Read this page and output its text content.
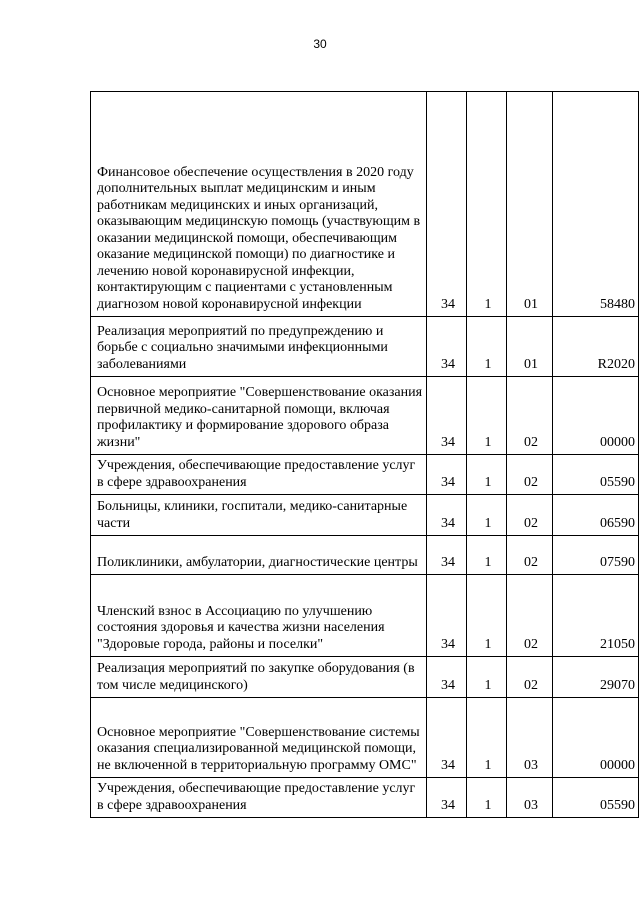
30
Финансовое обеспечение осуществления в 2020 году дополнительных выплат медицинским и иным работникам медицинских и иных организаций, оказывающим медицинскую помощь (участвующим в оказании медицинской помощи, обеспечивающим оказание медицинской помощи) по диагностике и лечению новой коронавирусной инфекции, контактирующим с пациентами с установленным диагнозом новой коронавирусной инфекции	34	1	01	58480
Реализация мероприятий по предупреждению и борьбе с социально значимыми инфекционными заболеваниями	34	1	01	R2020
Основное мероприятие "Совершенствование оказания первичной медико-санитарной помощи, включая профилактику и формирование здорового образа жизни"	34	1	02	00000
Учреждения, обеспечивающие предоставление услуг в сфере здравоохранения	34	1	02	05590
Больницы, клиники, госпитали, медико-санитарные части	34	1	02	06590
Поликлиники, амбулатории, диагностические центры	34	1	02	07590
Членский взнос в Ассоциацию по улучшению состояния здоровья и качества жизни населения "Здоровые города, районы и поселки"	34	1	02	21050
Реализация мероприятий по закупке оборудования (в том числе медицинского)	34	1	02	29070
Основное мероприятие "Совершенствование системы оказания специализированной медицинской помощи, не включенной в территориальную программу ОМС"	34	1	03	00000
Учреждения, обеспечивающие предоставление услуг в сфере здравоохранения	34	1	03	05590
